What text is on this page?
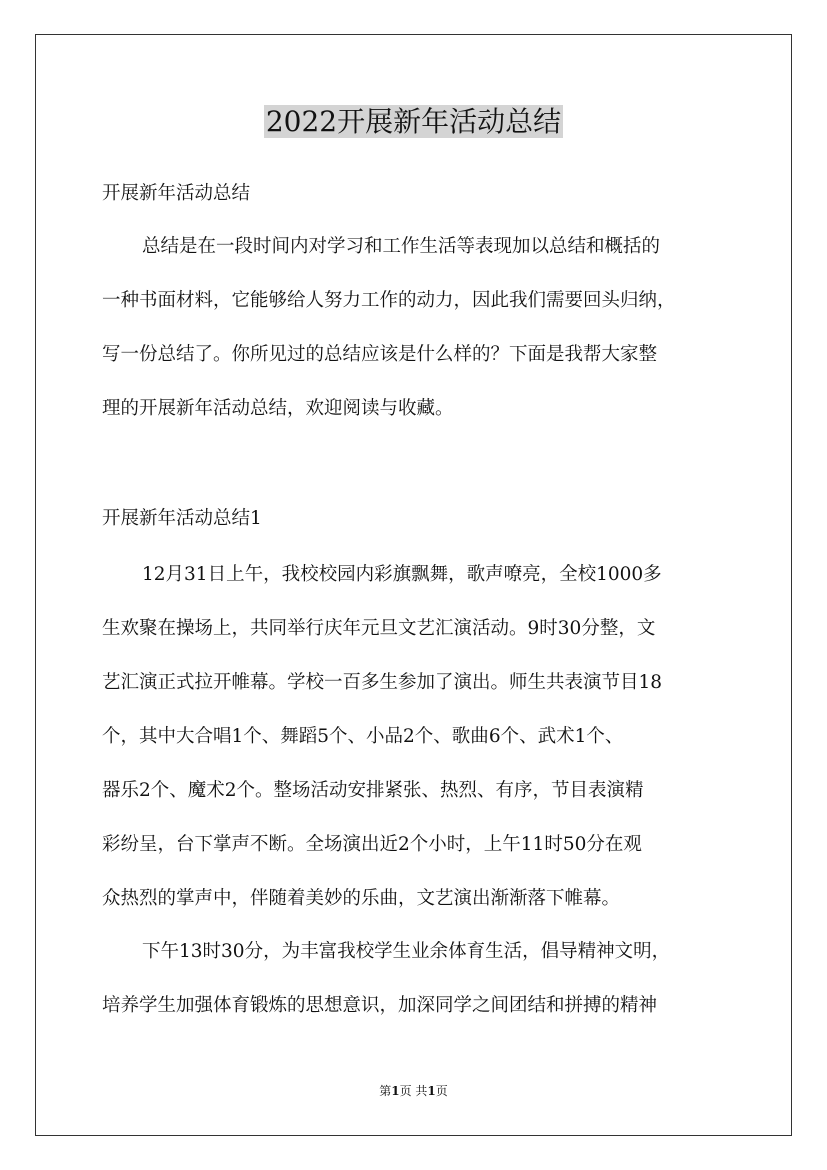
2022开展新年活动总结

开展新年活动总结

总结是在一段时间内对学习和工作生活等表现加以总结和概括的
一种书面材料，它能够给人努力工作的动力，因此我们需要回头归纳，
写一份总结了。你所见过的总结应该是什么样的？下面是我帮大家整
理的开展新年活动总结，欢迎阅读与收藏。

开展新年活动总结1

12月31日上午，我校校园内彩旗飘舞，歌声嘹亮，全校1000多
生欢聚在操场上，共同举行庆年元旦文艺汇演活动。9时30分整，文
艺汇演正式拉开帷幕。学校一百多生参加了演出。师生共表演节目18
个，其中大合唱1个、舞蹈5个、小品2个、歌曲6个、武术1个、
器乐2个、魔术2个。整场活动安排紧张、热烈、有序，节目表演精
彩纷呈，台下掌声不断。全场演出近2个小时，上午11时50分在观
众热烈的掌声中，伴随着美妙的乐曲，文艺演出渐渐落下帷幕。
下午13时30分，为丰富我校学生业余体育生活，倡导精神文明，
培养学生加强体育锻炼的思想意识，加深同学之间团结和拼搏的精神

第1页 共1页
